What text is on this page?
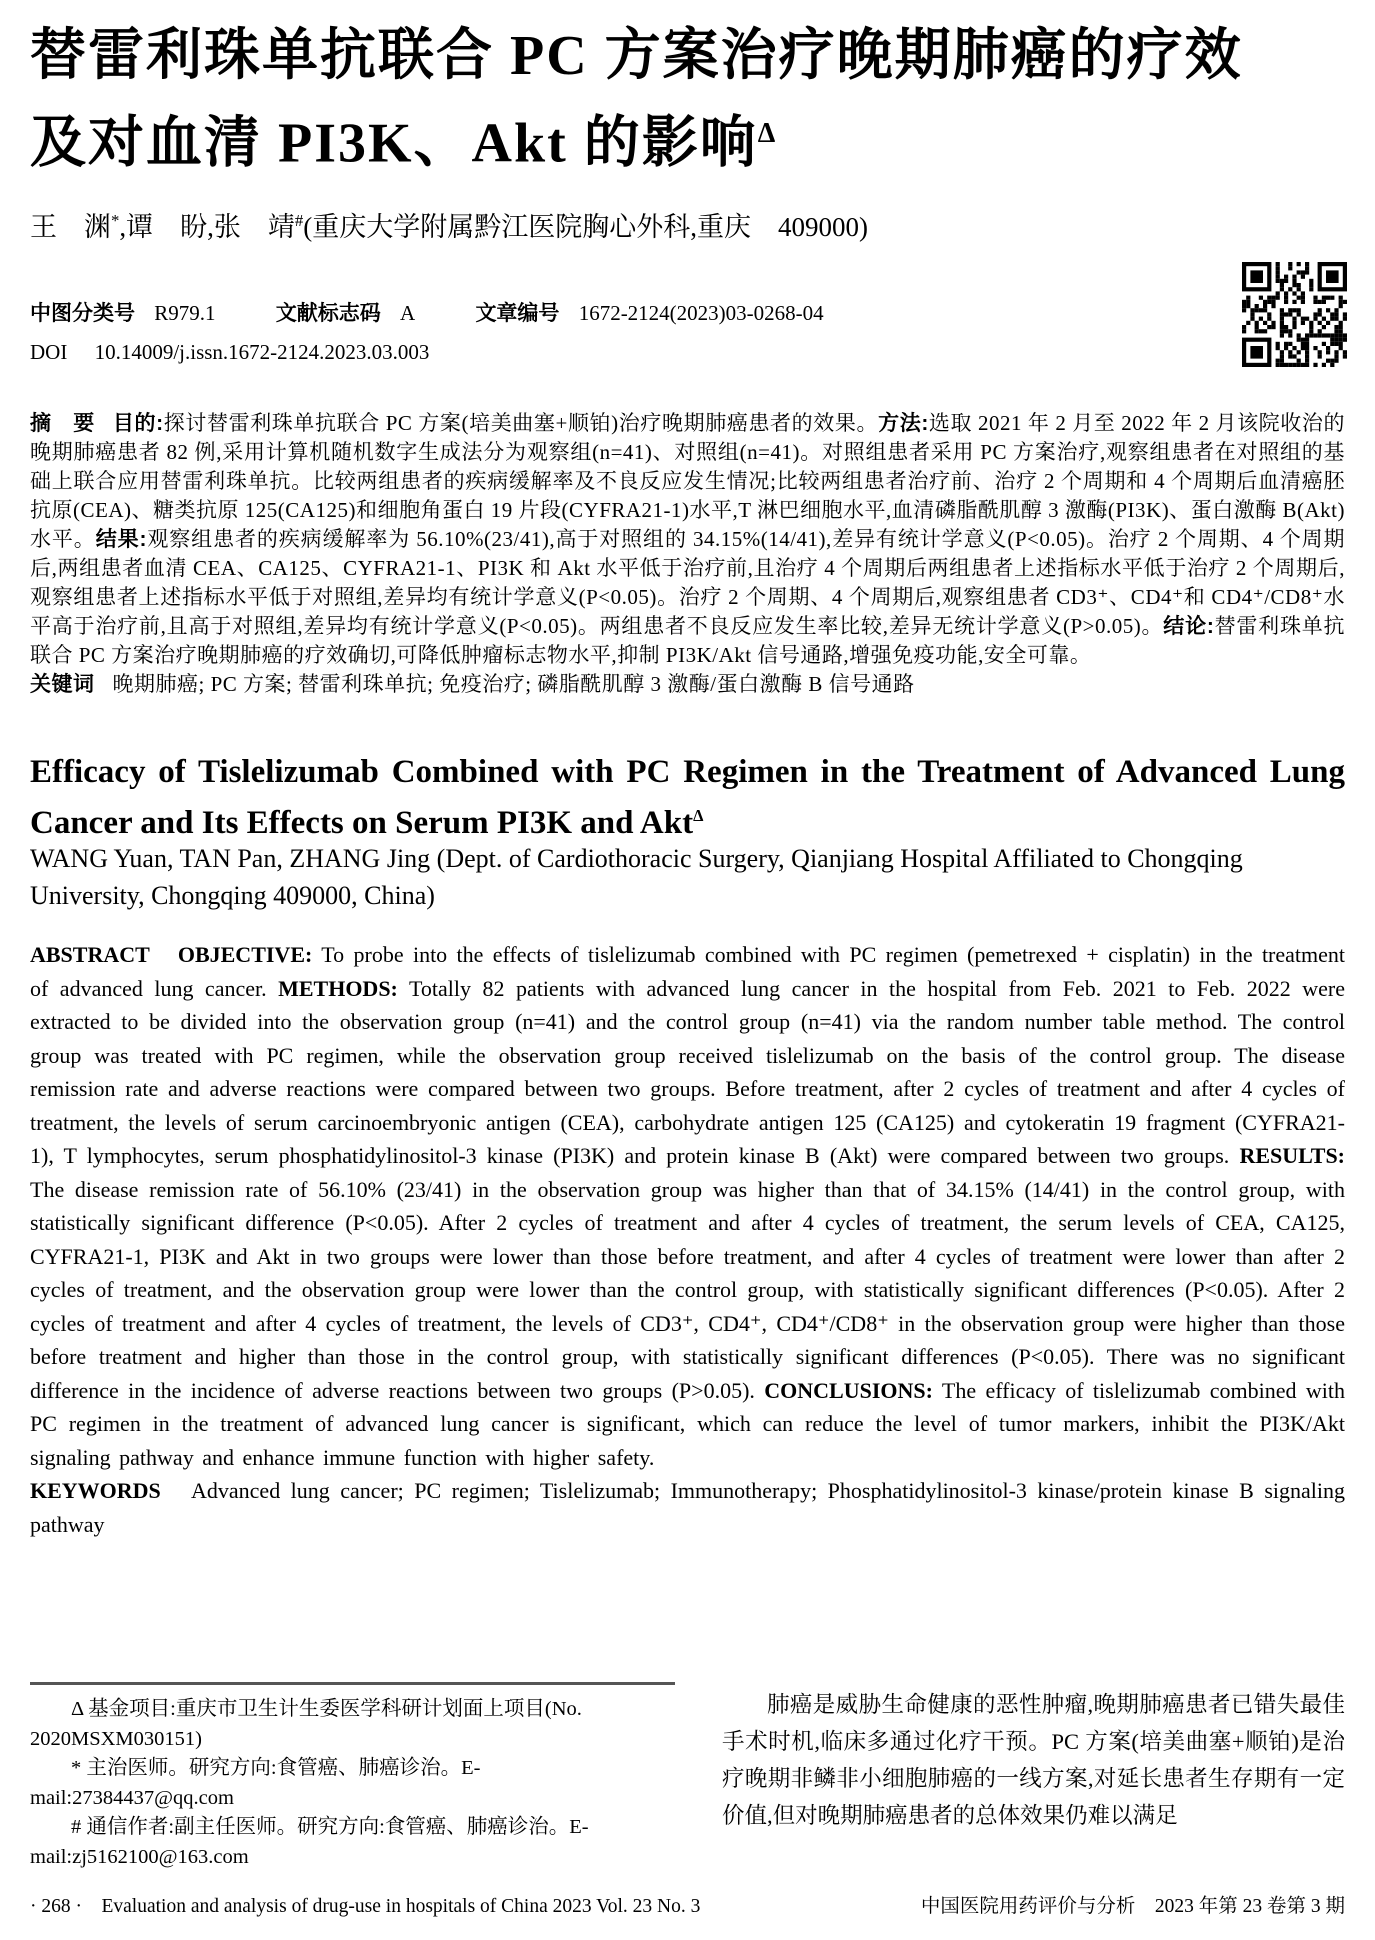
替雷利珠单抗联合 PC 方案治疗晚期肺癌的疗效
及对血清 PI3K、Akt 的影响$^\Delta$
王　渊*,谭　盼,张　靖#(重庆大学附属黔江医院胸心外科,重庆　409000)
中图分类号 R979.1	文献标志码 A	文章编号 1672-2124(2023)03-0268-04
DOI 10.14009/j.issn.1672-2124.2023.03.003

摘　要 目的:探讨替雷利珠单抗联合 PC 方案(培美曲塞+顺铂)治疗晚期肺癌患者的效果。方法:选取 2021 年 2 月至 2022 年 2 月该院收治的晚期肺癌患者 82 例,采用计算机随机数字生成法分为观察组(n=41)、对照组(n=41)。对照组患者采用 PC 方案治疗,观察组患者在对照组的基础上联合应用替雷利珠单抗。比较两组患者的疾病缓解率及不良反应发生情况;比较两组患者治疗前、治疗 2 个周期和 4 个周期后血清癌胚抗原(CEA)、糖类抗原 125(CA125)和细胞角蛋白 19 片段(CYFRA21-1)水平,T 淋巴细胞水平,血清磷脂酰肌醇 3 激酶(PI3K)、蛋白激酶 B(Akt)水平。结果:观察组患者的疾病缓解率为 56.10%(23/41),高于对照组的 34.15%(14/41),差异有统计学意义(P<0.05)。治疗 2 个周期、4 个周期后,两组患者血清 CEA、CA125、CYFRA21-1、PI3K 和 Akt 水平低于治疗前,且治疗 4 个周期后两组患者上述指标水平低于治疗 2 个周期后,观察组患者上述指标水平低于对照组,差异均有统计学意义(P<0.05)。治疗 2 个周期、4 个周期后,观察组患者 CD3⁺、CD4⁺和 CD4⁺/CD8⁺水平高于治疗前,且高于对照组,差异均有统计学意义(P<0.05)。两组患者不良反应发生率比较,差异无统计学意义(P>0.05)。结论:替雷利珠单抗联合 PC 方案治疗晚期肺癌的疗效确切,可降低肿瘤标志物水平,抑制 PI3K/Akt 信号通路,增强免疫功能,安全可靠。

关键词 晚期肺癌; PC 方案; 替雷利珠单抗; 免疫治疗; 磷脂酰肌醇 3 激酶/蛋白激酶 B 信号通路

Efficacy of Tislelizumab Combined with PC Regimen in the Treatment of Advanced Lung Cancer and Its Effects on Serum PI3K and Akt$^\Delta$
WANG Yuan, TAN Pan, ZHANG Jing (Dept. of Cardiothoracic Surgery, Qianjiang Hospital Affiliated to Chongqing University, Chongqing 409000, China)

ABSTRACT OBJECTIVE: To probe into the effects of tislelizumab combined with PC regimen (pemetrexed + cisplatin) in the treatment of advanced lung cancer. METHODS: Totally 82 patients with advanced lung cancer in the hospital from Feb. 2021 to Feb. 2022 were extracted to be divided into the observation group (n=41) and the control group (n=41) via the random number table method. The control group was treated with PC regimen, while the observation group received tislelizumab on the basis of the control group. The disease remission rate and adverse reactions were compared between two groups. Before treatment, after 2 cycles of treatment and after 4 cycles of treatment, the levels of serum carcinoembryonic antigen (CEA), carbohydrate antigen 125 (CA125) and cytokeratin 19 fragment (CYFRA21-1), T lymphocytes, serum phosphatidylinositol-3 kinase (PI3K) and protein kinase B (Akt) were compared between two groups. RESULTS: The disease remission rate of 56.10% (23/41) in the observation group was higher than that of 34.15% (14/41) in the control group, with statistically significant difference (P<0.05). After 2 cycles of treatment and after 4 cycles of treatment, the serum levels of CEA, CA125, CYFRA21-1, PI3K and Akt in two groups were lower than those before treatment, and after 4 cycles of treatment were lower than after 2 cycles of treatment, and the observation group were lower than the control group, with statistically significant differences (P<0.05). After 2 cycles of treatment and after 4 cycles of treatment, the levels of CD3⁺, CD4⁺, CD4⁺/CD8⁺ in the observation group were higher than those before treatment and higher than those in the control group, with statistically significant differences (P<0.05). There was no significant difference in the incidence of adverse reactions between two groups (P>0.05). CONCLUSIONS: The efficacy of tislelizumab combined with PC regimen in the treatment of advanced lung cancer is significant, which can reduce the level of tumor markers, inhibit the PI3K/Akt signaling pathway and enhance immune function with higher safety.

KEYWORDS Advanced lung cancer; PC regimen; Tislelizumab; Immunotherapy; Phosphatidylinositol-3 kinase/protein kinase B signaling pathway

Δ 基金项目:重庆市卫生计生委医学科研计划面上项目(No. 2020MSXM030151)

* 主治医师。研究方向:食管癌、肺癌诊治。E-mail:27384437@qq.com

# 通信作者:副主任医师。研究方向:食管癌、肺癌诊治。E-mail:zj5162100@163.com

肺癌是威胁生命健康的恶性肿瘤,晚期肺癌患者已错失最佳手术时机,临床多通过化疗干预。PC 方案(培美曲塞+顺铂)是治疗晚期非鳞非小细胞肺癌的一线方案,对延长患者生存期有一定价值,但对晚期肺癌患者的总体效果仍难以满足

· 268 ·　Evaluation and analysis of drug-use in hospitals of China 2023 Vol. 23 No. 3	中国医院用药评价与分析　2023 年第 23 卷第 3 期
